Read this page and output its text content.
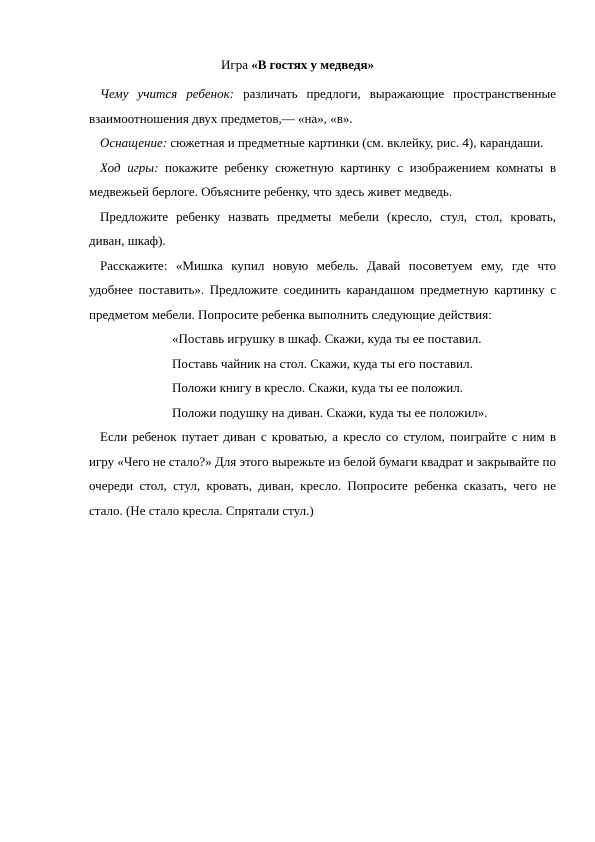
Игра «В гостях у медведя»

Чему учится ребенок: различать предлоги, выражающие пространственные взаимоотношения двух предметов,— «на», «в».

Оснащение: сюжетная и предметные картинки (см. вклейку, рис. 4), карандаши.

Ход игры: покажите ребенку сюжетную картинку с изображением комнаты в медвежьей берлоге. Объясните ребенку, что здесь живет медведь.

Предложите ребенку назвать предметы мебели (кресло, стул, стол, кровать, диван, шкаф).

Расскажите: «Мишка купил новую мебель. Давай посоветуем ему, где что удобнее поставить». Предложите соединить карандашом предметную картинку с предметом мебели. Попросите ребенка выполнить следующие действия:

«Поставь игрушку в шкаф. Скажи, куда ты ее поставил.

Поставь чайник на стол. Скажи, куда ты его поставил.

Положи книгу в кресло. Скажи, куда ты ее положил.

Положи подушку на диван. Скажи, куда ты ее положил».

Если ребенок путает диван с кроватью, а кресло со стулом, поиграйте с ним в игру «Чего не стало?» Для этого вырежьте из белой бумаги квадрат и закрывайте по очереди стол, стул, кровать, диван, кресло. Попросите ребенка сказать, чего не стало. (Не стало кресла. Спрятали стул.)
